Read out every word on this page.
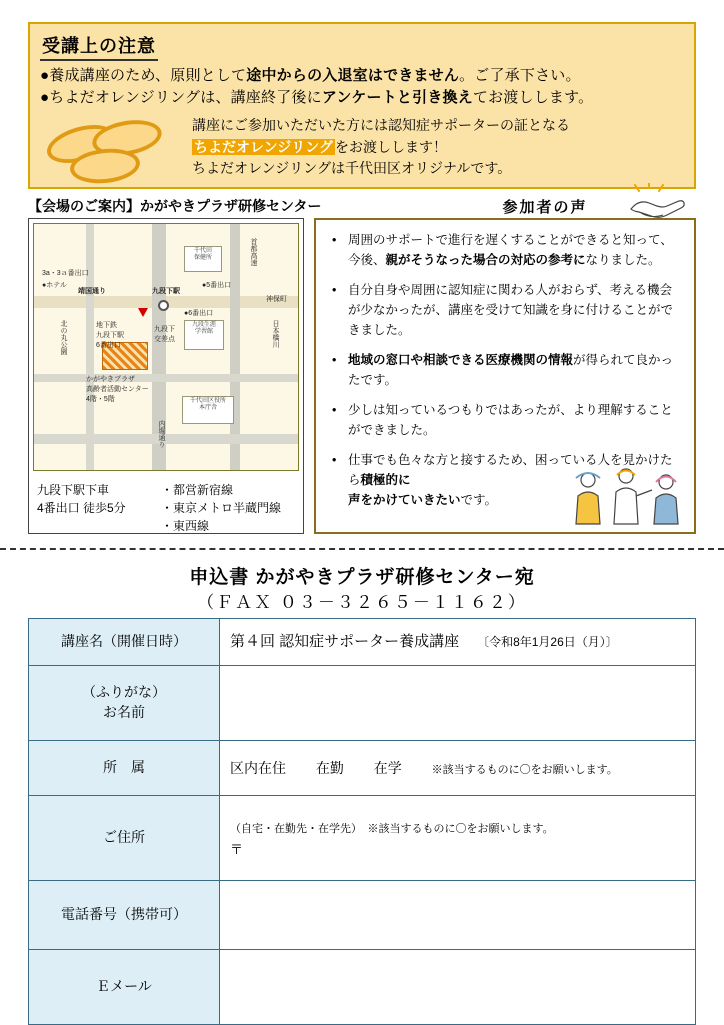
受講上の注意
●養成講座のため、原則として途中からの入退室はできません。ご了承下さい。
●ちよだオレンジリングは、講座終了後にアンケートと引き換えてお渡しします。
講座にご参加いただいた方には認知症サポーターの証となる
ちよだオレンジリング をお渡しします！
ちよだオレンジリングは千代田区オリジナルです。
【会場のご案内】かがやきプラザ研修センター	参加者の声
千代田
保健所
九段生涯
学習館
千代田区役所
本庁舎
靖国通り	九段下駅
首都高速
神保町
日本橋川
九段下
交差点
地下鉄
九段下駅
6番出口
北の丸公園
かがやきプラザ
高齢者活動センター
4階・5階
3a・3ａ番出口
●ホテル	●5番出口
●6番出口
内堀通り
九段下駅下車
4番出口 徒歩5分
・都営新宿線
・東京メトロ半蔵門線
・東西線
• 周囲のサポートで進行を遅くすることができると知って、今後、親がそうなった場合の対応の参考になりました。
• 自分自身や周囲に認知症に関わる人がおらず、考える機会が少なかったが、講座を受けて知識を身に付けることができました。
• 地域の窓口や相談できる医療機関の情報が得られて良かったです。
• 少しは知っているつもりではあったが、より理解することができました。
• 仕事でも色々な方と接するため、困っている人を見かけたら積極的に
声をかけていきたいです。
申込書 かがやきプラザ研修センター宛
（ＦＡＸ ０３－３２６５－１１６２）
講座名（開催日時）	第４回 認知症サポーター養成講座 〔令和8年1月26日（月）〕
（ふりがな）
お名前	
所　属	区内在住 在勤 在学 ※該当するものに〇をお願いします。
ご住所	（自宅・在勤先・在学先）　※該当するものに〇をお願いします。
〒

電話番号（携帯可）	
Ｅメール	
